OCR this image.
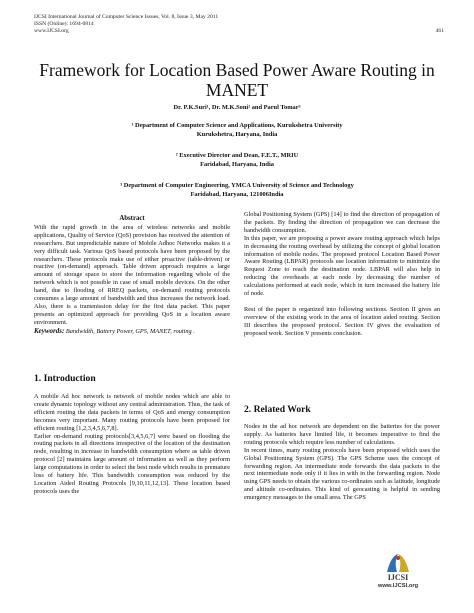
IJCSI International Journal of Computer Science Issues, Vol. 8, Issue 3, May 2011
ISSN (Online): 1694-0814
www.IJCSI.org	461
Framework for Location Based Power Aware Routing in MANET
Dr. P.K.Suri¹, Dr. M.K.Soni² and Parul Tomar³
¹ Department of Computer Science and Applications, Kurukshetra University
Kurukshetra, Haryana, India
² Executive Director and Dean, F.E.T., MRIU
Faridabad, Haryana, India
³ Department of Computer Engineering, YMCA University of Science and Technology
Faridabad, Haryana, 121006India
Abstract

With the rapid growth in the area of wireless networks and mobile applications, Quality of Service (QoS) provision has received the attention of researchers. But unpredictable nature of Mobile Adhoc Networks makes it a very difficult task. Various QoS based protocols have been proposed by the researchers. These protocols make use of either proactive (table-driven) or reactive (on-demand) approach. Table driven approach requires a large amount of storage space to store the information regarding whole of the network which is not possible in case of small mobile devices. On the other hand, due to flooding of RREQ packets, on-demand routing protocols consumes a large amount of bandwidth and thus increases the network load. Also, there is a transmission delay for the first data packet. This paper presents an optimized approach for providing QoS in a location aware environment.

Keywords: Bandwidth, Battery Power, GPS, MANET, routing .
1. Introduction

A mobile Ad hoc network is network of mobile nodes which are able to create dynamic topology without any central administration. Thus, the task of efficient routing the data packets in terms of QoS and energy consumption becomes very important. Many routing protocols have been proposed for efficient routing [1,2,3,4,5,6,7,8].

Earlier on-demand routing protocols[3,4,5,6,7] were based on flooding the routing packets in all directions irrespective of the location of the destination node, resulting in increase in bandwidth consumption where as table driven protocol [2] maintains large amount of information as well as they perform large computations in order to select the best node which results in premature loss of battery life. This bandwidth consumption was reduced by the Location Aided Routing Protocols [9,10,11,12,13]. These location based protocols uses the

Global Positioning System (GPS) [14] to find the direction of propagation of the packets. By finding the direction of propagation we can decrease the bandwidth consumption.

In this paper, we are proposing a power aware routing approach which helps in decreasing the routing overhead by utilizing the concept of global location information of mobile nodes. The proposed protocol Location Based Power Aware Routing (LBPAR) protocols use location information to minimize the Request Zone to reach the destination node. LBPAR will also help in reducing the overheads at each node by decreasing the number of calculations performed at each node, which in turn increased the battery life of node.

Rest of the paper is organized into following sections. Section II gives an overview of the existing work in the area of location aided routing. Section III describes the proposed protocol. Section IV gives the evaluation of proposed work. Section V presents conclusion.

2. Related Work

Nodes in the ad hoc network are dependent on the batteries for the power supply. As batteries have limited life, it becomes imperative to find the routing protocols which require less number of calculations.

In recent times, many routing protocols have been proposed which uses the Global Positioning System (GPS). The GPS Scheme uses the concept of forwarding region. An intermediate node forwards the data packets to the next intermediate node only if it lies in with in the forwarding region. Node using GPS needs to obtain the various co-ordinates such as latitude, longitude and altitude co-ordinates. This kind of geocasting is helpful in sending emergency messages to the small area. The GPS

IJCSI
www.IJCSI.org
